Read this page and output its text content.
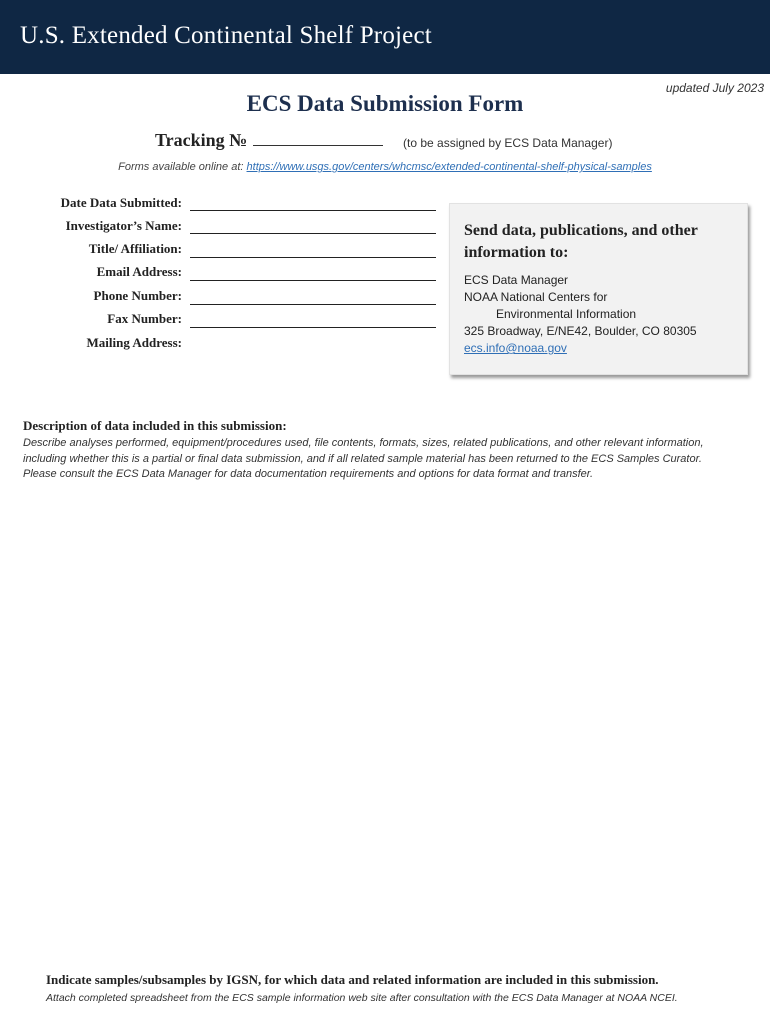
U.S. Extended Continental Shelf Project
updated July 2023
ECS Data Submission Form
Tracking №	(to be assigned by ECS Data Manager)
Forms available online at: https://www.usgs.gov/centers/whcmsc/extended-continental-shelf-physical-samples
Date Data Submitted:
Investigator’s Name:
Title/ Affiliation:
Email Address:
Phone Number:
Fax Number:
Mailing Address:
Send data, publications, and other information to:
ECS Data Manager
NOAA National Centers for
Environmental Information
325 Broadway, E/NE42, Boulder, CO 80305
ecs.info@noaa.gov
Description of data included in this submission:
Describe analyses performed, equipment/procedures used, file contents, formats, sizes, related publications, and other relevant information,
including whether this is a partial or final data submission, and if all related sample material has been returned to the ECS Samples Curator.
Please consult the ECS Data Manager for data documentation requirements and options for data format and transfer.
Indicate samples/subsamples by IGSN, for which data and related information are included in this submission.
Attach completed spreadsheet from the ECS sample information web site after consultation with the ECS Data Manager at NOAA NCEI.
